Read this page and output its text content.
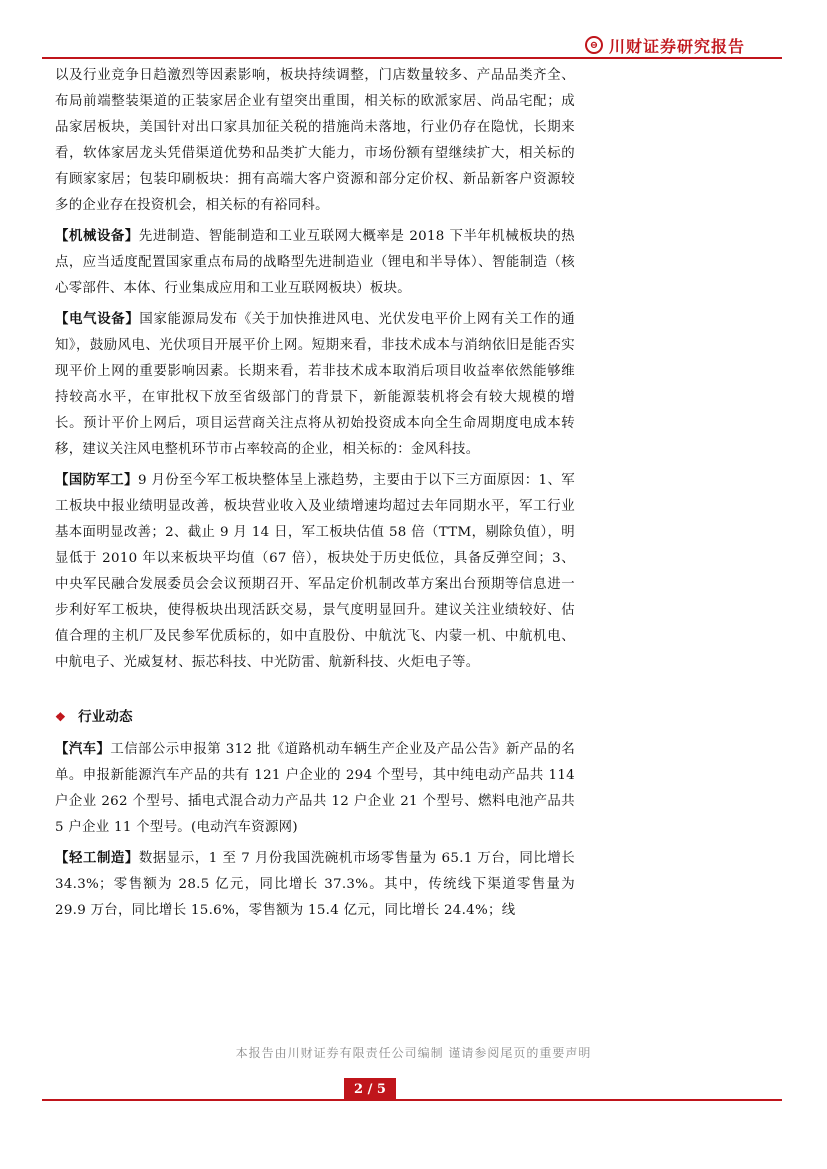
⊖ 川财证券研究报告

以及行业竞争日趋激烈等因素影响，板块持续调整，门店数量较多、产品品类齐全、布局前端整装渠道的正装家居企业有望突出重围，相关标的欧派家居、尚品宅配；成品家居板块，美国针对出口家具加征关税的措施尚未落地，行业仍存在隐忧，长期来看，软体家居龙头凭借渠道优势和品类扩大能力，市场份额有望继续扩大，相关标的有顾家家居；包装印刷板块：拥有高端大客户资源和部分定价权、新品新客户资源较多的企业存在投资机会，相关标的有裕同科。

【机械设备】先进制造、智能制造和工业互联网大概率是 2018 下半年机械板块的热点，应当适度配置国家重点布局的战略型先进制造业（锂电和半导体）、智能制造（核心零部件、本体、行业集成应用和工业互联网板块）板块。

【电气设备】国家能源局发布《关于加快推进风电、光伏发电平价上网有关工作的通知》，鼓励风电、光伏项目开展平价上网。短期来看，非技术成本与消纳依旧是能否实现平价上网的重要影响因素。长期来看，若非技术成本取消后项目收益率依然能够维持较高水平，在审批权下放至省级部门的背景下，新能源装机将会有较大规模的增长。预计平价上网后，项目运营商关注点将从初始投资成本向全生命周期度电成本转移，建议关注风电整机环节市占率较高的企业，相关标的：金风科技。

【国防军工】9 月份至今军工板块整体呈上涨趋势，主要由于以下三方面原因：1、军工板块中报业绩明显改善，板块营业收入及业绩增速均超过去年同期水平，军工行业基本面明显改善；2、截止 9 月 14 日，军工板块估值 58 倍（TTM，剔除负值），明显低于 2010 年以来板块平均值（67 倍），板块处于历史低位，具备反弹空间；3、中央军民融合发展委员会会议预期召开、军品定价机制改革方案出台预期等信息进一步利好军工板块，使得板块出现活跃交易，景气度明显回升。建议关注业绩较好、估值合理的主机厂及民参军优质标的，如中直股份、中航沈飞、内蒙一机、中航机电、中航电子、光威复材、振芯科技、中光防雷、航新科技、火炬电子等。

❖ 行业动态

【汽车】工信部公示申报第 312 批《道路机动车辆生产企业及产品公告》新产品的名单。申报新能源汽车产品的共有 121 户企业的 294 个型号，其中纯电动产品共 114 户企业 262 个型号、插电式混合动力产品共 12 户企业 21 个型号、燃料电池产品共 5 户企业 11 个型号。(电动汽车资源网)

【轻工制造】数据显示，1 至 7 月份我国洗碗机市场零售量为 65.1 万台，同比增长 34.3%；零售额为 28.5 亿元，同比增长 37.3%。其中，传统线下渠道零售量为 29.9 万台，同比增长 15.6%，零售额为 15.4 亿元，同比增长 24.4%；线

本报告由川财证券有限责任公司编制 谨请参阅尾页的重要声明
2 / 5
